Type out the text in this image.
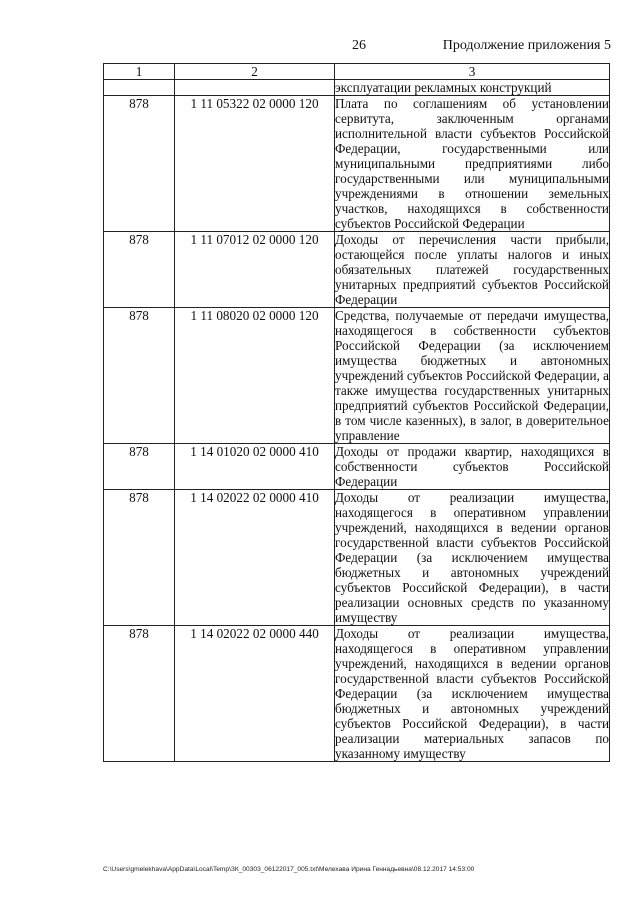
26	Продолжение приложения 5
1	2	3
		эксплуатации рекламных конструкций
878	1 11 05322 02 0000 120	Плата по соглашениям об установлении сервитута, заключенным органами исполнительной власти субъектов Российской Федерации, государственными или муниципальными предприятиями либо государственными или муниципальными учреждениями в отношении земельных участков, находящихся в собственности субъектов Российской Федерации
878	1 11 07012 02 0000 120	Доходы от перечисления части прибыли, остающейся после уплаты налогов и иных обязательных платежей государственных унитарных предприятий субъектов Российской Федерации
878	1 11 08020 02 0000 120	Средства, получаемые от передачи имущества, находящегося в собственности субъектов Российской Федерации (за исключением имущества бюджетных и автономных учреждений субъектов Российской Федерации, а также имущества государственных унитарных предприятий субъектов Российской Федерации, в том числе казенных), в залог, в доверительное управление
878	1 14 01020 02 0000 410	Доходы от продажи квартир, находящихся в собственности субъектов Российской Федерации
878	1 14 02022 02 0000 410	Доходы от реализации имущества, находящегося в оперативном управлении учреждений, находящихся в ведении органов государственной власти субъектов Российской Федерации (за исключением имущества бюджетных и автономных учреждений субъектов Российской Федерации), в части реализации основных средств по указанному имуществу
878	1 14 02022 02 0000 440	Доходы от реализации имущества, находящегося в оперативном управлении учреждений, находящихся в ведении органов государственной власти субъектов Российской Федерации (за исключением имущества бюджетных и автономных учреждений субъектов Российской Федерации), в части реализации материальных запасов по указанному имуществу
C:\Users\gmelekhava\AppData\Local\Temp\ЗК_00303_06122017_005.txt\Мелехава Ирина Геннадьевна\08.12.2017 14:53:00
